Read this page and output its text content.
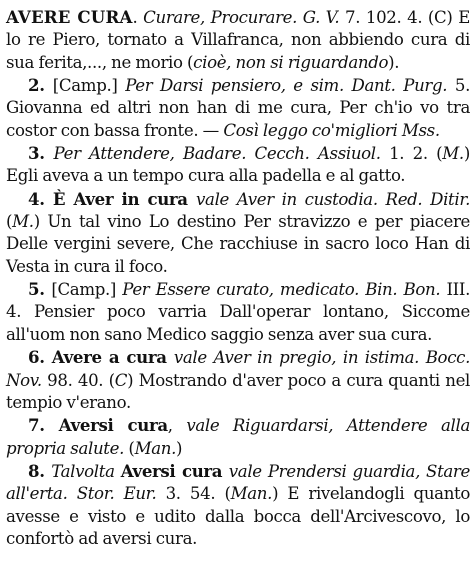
AVERE CURA. Curare, Procurare. G. V. 7. 102. 4. (C) E lo re Piero, tornato a Villafranca, non abbiendo cura di sua ferita,..., ne morio (cioè, non si riguardando).

2. [Camp.] Per Darsi pensiero, e sim. Dant. Purg. 5. Giovanna ed altri non han di me cura, Per ch'io vo tra costor con bassa fronte. — Così leggo co'migliori Mss.

3. Per Attendere, Badare. Cecch. Assiuol. 1. 2. (M.) Egli aveva a un tempo cura alla padella e al gatto.

4. È Aver in cura vale Aver in custodia. Red. Ditir. (M.) Un tal vino Lo destino Per stravizzo e per piacere Delle vergini severe, Che racchiuse in sacro loco Han di Vesta in cura il foco.

5. [Camp.] Per Essere curato, medicato. Bin. Bon. III. 4. Pensier poco varria Dall'operar lontano, Siccome all'uom non sano Medico saggio senza aver sua cura.

6. Avere a cura vale Aver in pregio, in istima. Bocc. Nov. 98. 40. (C) Mostrando d'aver poco a cura quanti nel tempio v'erano.

7. Aversi cura, vale Riguardarsi, Attendere alla propria salute. (Man.)

8. Talvolta Aversi cura vale Prendersi guardia, Stare all'erta. Stor. Eur. 3. 54. (Man.) E rivelandogli quanto avesse e visto e udito dalla bocca dell'Arcivescovo, lo confortò ad aversi cura.
